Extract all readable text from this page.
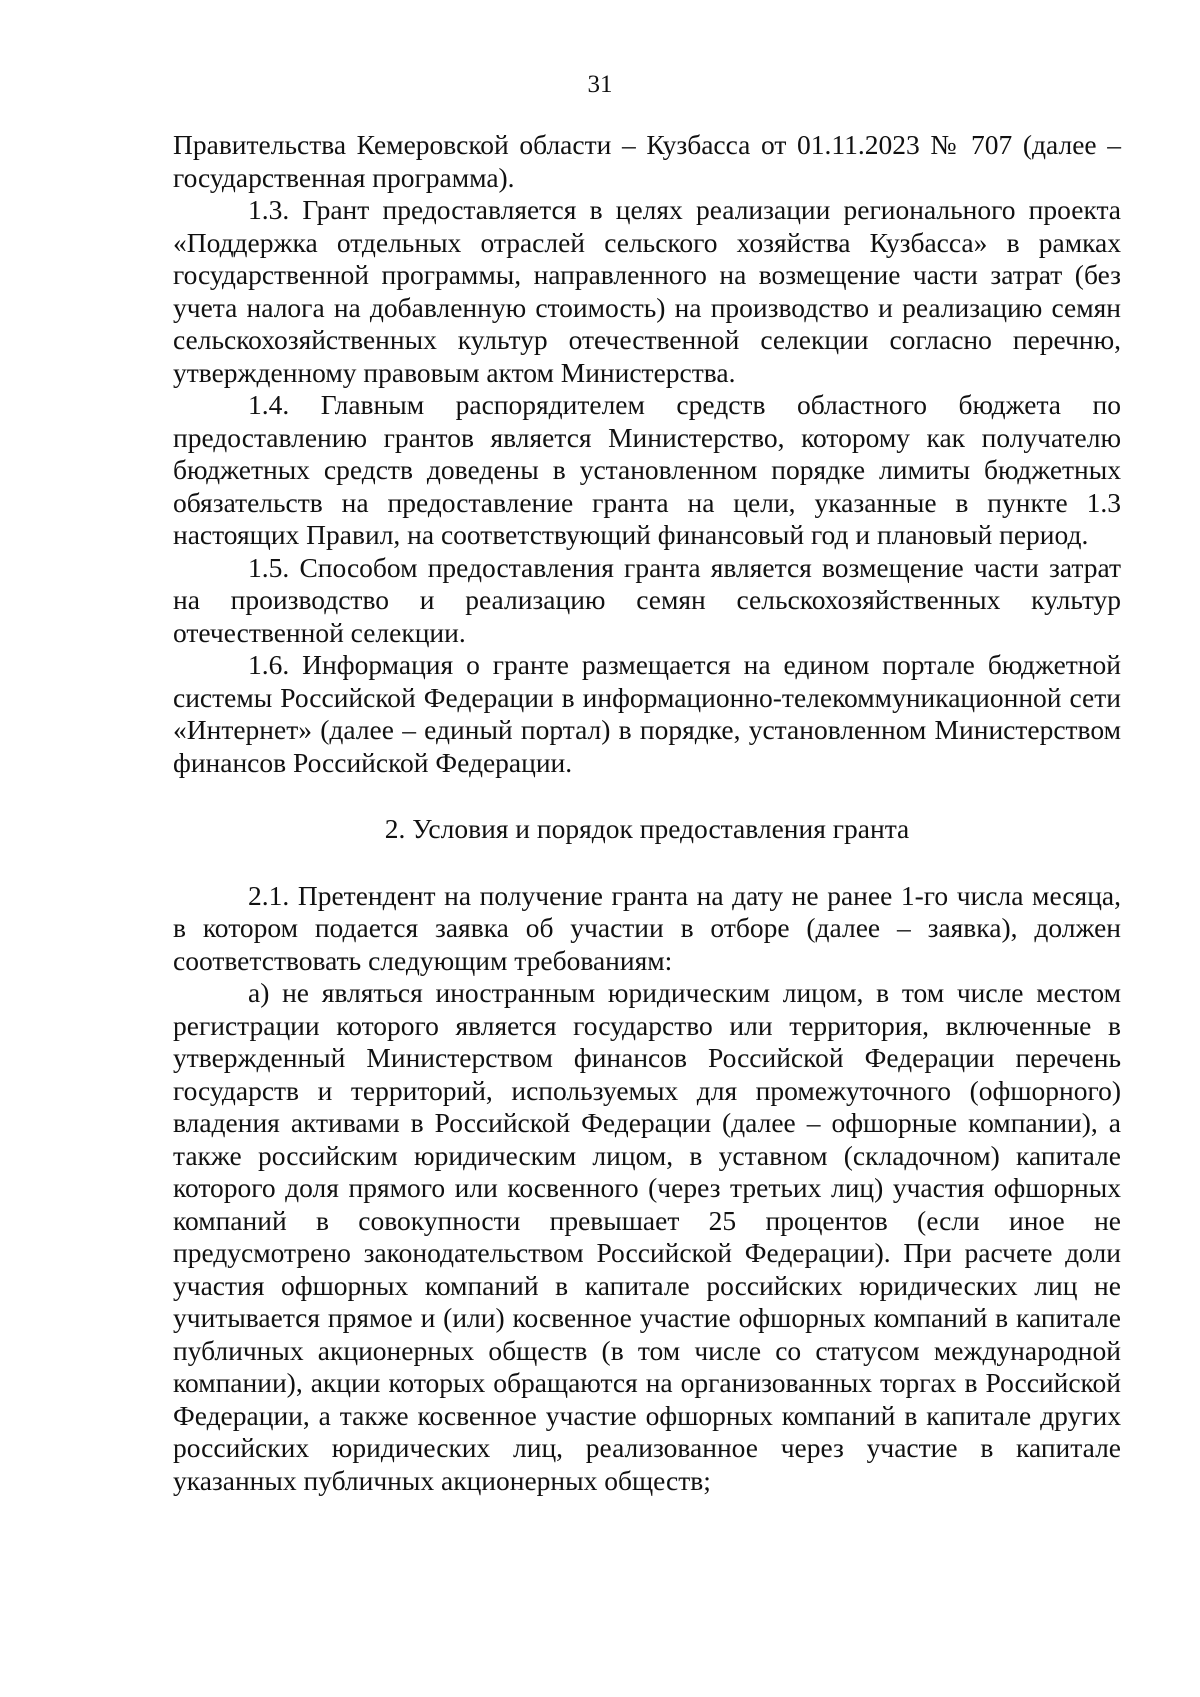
31

Правительства Кемеровской области – Кузбасса от 01.11.2023 № 707 (далее – государственная программа).

1.3. Грант предоставляется в целях реализации регионального проекта «Поддержка отдельных отраслей сельского хозяйства Кузбасса» в рамках государственной программы, направленного на возмещение части затрат (без учета налога на добавленную стоимость) на производство и реализацию семян сельскохозяйственных культур отечественной селекции согласно перечню, утвержденному правовым актом Министерства.

1.4. Главным распорядителем средств областного бюджета по предоставлению грантов является Министерство, которому как получателю бюджетных средств доведены в установленном порядке лимиты бюджетных обязательств на предоставление гранта на цели, указанные в пункте 1.3 настоящих Правил, на соответствующий финансовый год и плановый период.

1.5. Способом предоставления гранта является возмещение части затрат на производство и реализацию семян сельскохозяйственных культур отечественной селекции.

1.6. Информация о гранте размещается на едином портале бюджетной системы Российской Федерации в информационно-телекоммуникационной сети «Интернет» (далее – единый портал) в порядке, установленном Министерством финансов Российской Федерации.

2. Условия и порядок предоставления гранта

2.1. Претендент на получение гранта на дату не ранее 1-го числа месяца, в котором подается заявка об участии в отборе (далее – заявка), должен соответствовать следующим требованиям:

а) не являться иностранным юридическим лицом, в том числе местом регистрации которого является государство или территория, включенные в утвержденный Министерством финансов Российской Федерации перечень государств и территорий, используемых для промежуточного (офшорного) владения активами в Российской Федерации (далее – офшорные компании), а также российским юридическим лицом, в уставном (складочном) капитале которого доля прямого или косвенного (через третьих лиц) участия офшорных компаний в совокупности превышает 25 процентов (если иное не предусмотрено законодательством Российской Федерации). При расчете доли участия офшорных компаний в капитале российских юридических лиц не учитывается прямое и (или) косвенное участие офшорных компаний в капитале публичных акционерных обществ (в том числе со статусом международной компании), акции которых обращаются на организованных торгах в Российской Федерации, а также косвенное участие офшорных компаний в капитале других российских юридических лиц, реализованное через участие в капитале указанных публичных акционерных обществ;
